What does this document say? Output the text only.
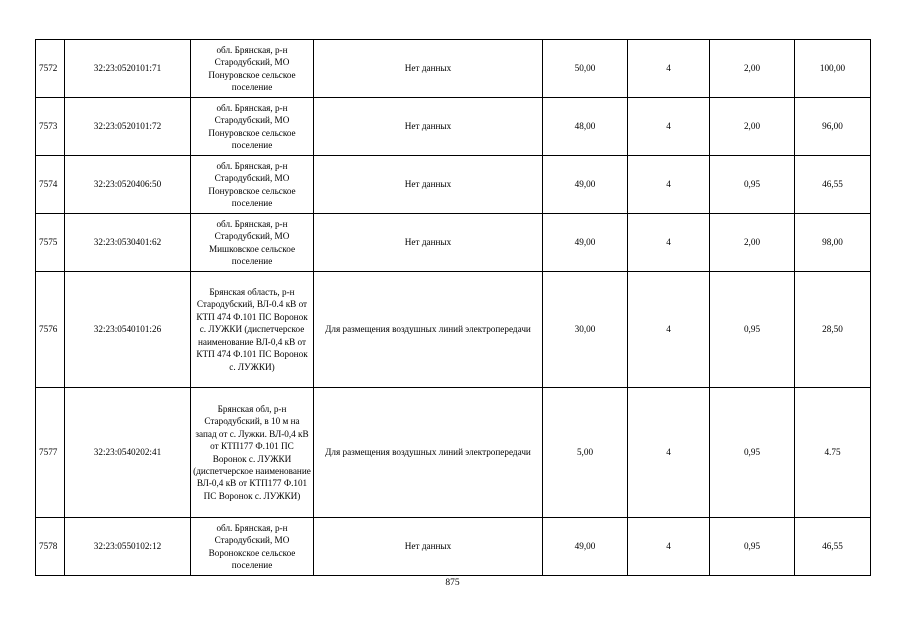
7572	32:23:0520101:71	обл. Брянская, р-н Стародубский, МО Понуровское сельское поселение	Нет данных	50,00	4	2,00	100,00
7573	32:23:0520101:72	обл. Брянская, р-н Стародубский, МО Понуровское сельское поселение	Нет данных	48,00	4	2,00	96,00
7574	32:23:0520406:50	обл. Брянская, р-н Стародубский, МО Понуровское сельское поселение	Нет данных	49,00	4	0,95	46,55
7575	32:23:0530401:62	обл. Брянская, р-н Стародубский, МО Мишковское сельское поселение	Нет данных	49,00	4	2,00	98,00
7576	32:23:0540101:26	Брянская область, р-н Стародубский, ВЛ-0.4 кВ от КТП 474 Ф.101 ПС Воронок с. ЛУЖКИ (диспетчерское наименование ВЛ-0,4 кВ от КТП 474 Ф.101 ПС Воронок с. ЛУЖКИ)	Для размещения воздушных линий электропередачи	30,00	4	0,95	28,50
7577	32:23:0540202:41	Брянская обл, р-н Стародубский, в 10 м на запад от с. Лужки. ВЛ-0,4 кВ от КТП177 Ф.101 ПС Воронок с. ЛУЖКИ (диспетчерское наименование ВЛ-0,4 кВ от КТП177 Ф.101 ПС Воронок с. ЛУЖКИ)	Для размещения воздушных линий электропередачи	5,00	4	0,95	4.75
7578	32:23:0550102:12	обл. Брянская, р-н Стародубский, МО Воронокское сельское поселение	Нет данных	49,00	4	0,95	46,55
875
